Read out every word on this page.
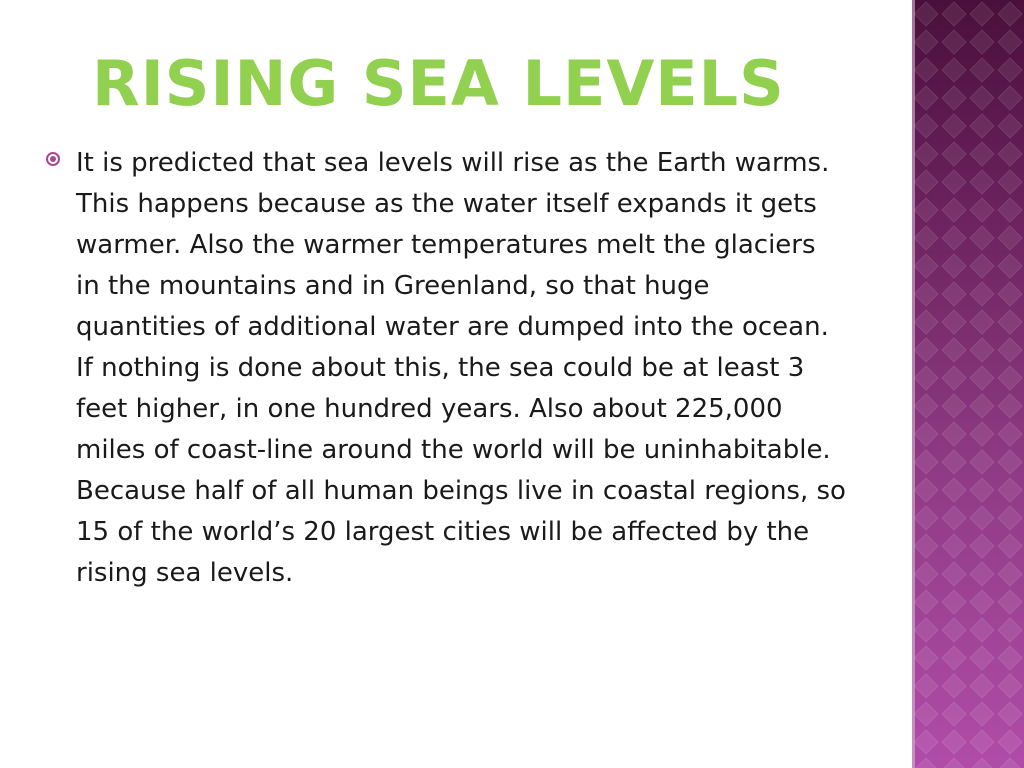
RISING SEA LEVELS

It is predicted that sea levels will rise as the Earth warms. This happens because as the water itself expands it gets warmer. Also the warmer temperatures melt the glaciers in the mountains and in Greenland, so that huge quantities of additional water are dumped into the ocean. If nothing is done about this, the sea could be at least 3 feet higher, in one hundred years. Also about 225,000 miles of coast-line around the world will be uninhabitable. Because half of all human beings live in coastal regions, so 15 of the world’s 20 largest cities will be affected by the rising sea levels.
